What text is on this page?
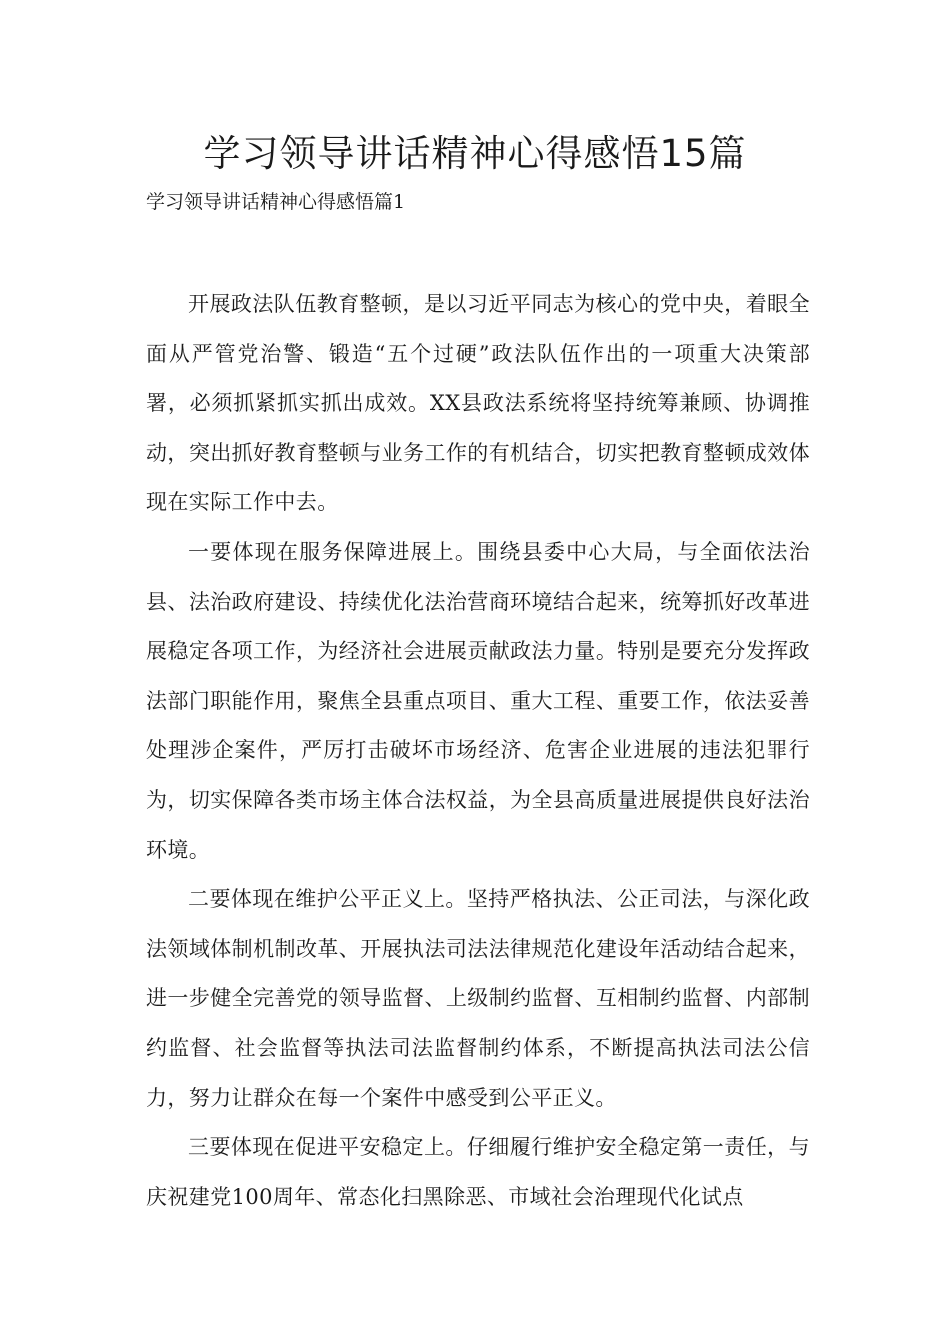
学习领导讲话精神心得感悟15篇

学习领导讲话精神心得感悟篇1

开展政法队伍教育整顿，是以习近平同志为核心的党中央，着眼全面从严管党治警、锻造“五个过硬”政法队伍作出的一项重大决策部署，必须抓紧抓实抓出成效。XX县政法系统将坚持统筹兼顾、协调推动，突出抓好教育整顿与业务工作的有机结合，切实把教育整顿成效体现在实际工作中去。

一要体现在服务保障进展上。围绕县委中心大局，与全面依法治县、法治政府建设、持续优化法治营商环境结合起来，统筹抓好改革进展稳定各项工作，为经济社会进展贡献政法力量。特别是要充分发挥政法部门职能作用，聚焦全县重点项目、重大工程、重要工作，依法妥善处理涉企案件，严厉打击破坏市场经济、危害企业进展的违法犯罪行为，切实保障各类市场主体合法权益，为全县高质量进展提供良好法治环境。

二要体现在维护公平正义上。坚持严格执法、公正司法，与深化政法领域体制机制改革、开展执法司法法律规范化建设年活动结合起来，进一步健全完善党的领导监督、上级制约监督、互相制约监督、内部制约监督、社会监督等执法司法监督制约体系，不断提高执法司法公信力，努力让群众在每一个案件中感受到公平正义。

三要体现在促进平安稳定上。仔细履行维护安全稳定第一责任，与庆祝建党100周年、常态化扫黑除恶、市域社会治理现代化试点
